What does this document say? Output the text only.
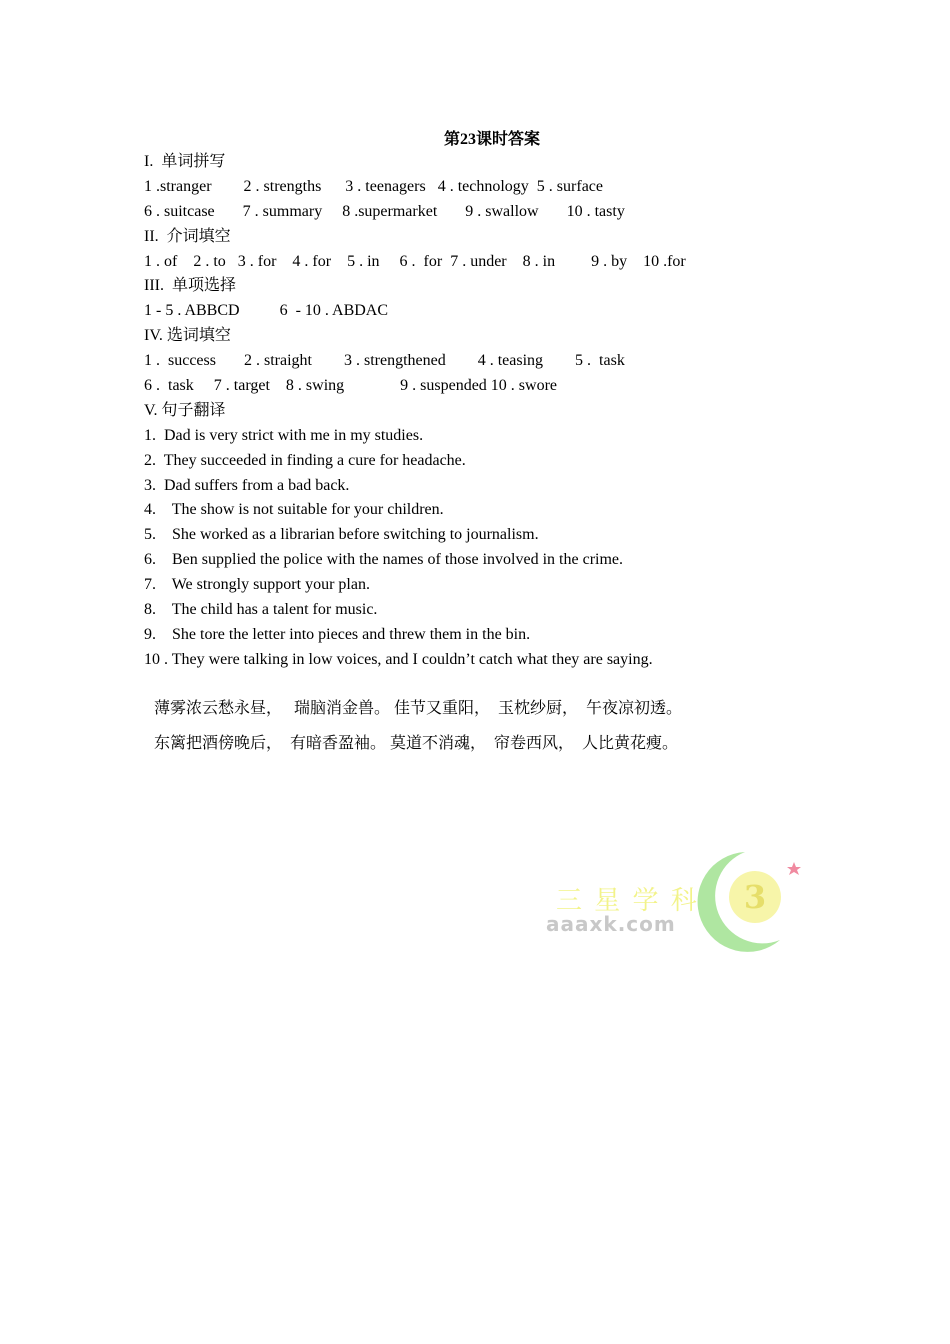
第23课时答案
I.  单词拼写
1 .stranger        2 . strengths      3 . teenagers   4 . technology  5 . surface
6 . suitcase       7 . summary     8 .supermarket       9 . swallow       10 . tasty
II.  介词填空
1 . of    2 . to   3 . for    4 . for    5 . in     6 .  for  7 . under    8 . in         9 . by    10 .for
III.  单项选择
1 - 5 . ABBCD          6  - 10 . ABDAC
IV. 选词填空
1 .  success       2 . straight        3 . strengthened        4 . teasing        5 .  task
6 .  task     7 . target    8 . swing              9 . suspended 10 . swore
V. 句子翻译
1.  Dad is very strict with me in my studies.
2.  They succeeded in finding a cure for headache.
3.  Dad suffers from a bad back.
4.    The show is not suitable for your children.
5.    She worked as a librarian before switching to journalism.
6.    Ben supplied the police with the names of those involved in the crime.
7.    We strongly support your plan.
8.    The child has a talent for music.
9.    She tore the letter into pieces and threw them in the bin.
10 . They were talking in low voices, and I couldn’t catch what they are saying.
薄雾浓云愁永昼，   瑞脑消金兽。 佳节又重阳，  玉枕纱厨，  午夜凉初透。
东篱把酒傍晚后，  有暗香盈袖。 莫道不消魂，  帘卷西风，  人比黄花瘦。
3
三 星 学 科
aaaxk.com
